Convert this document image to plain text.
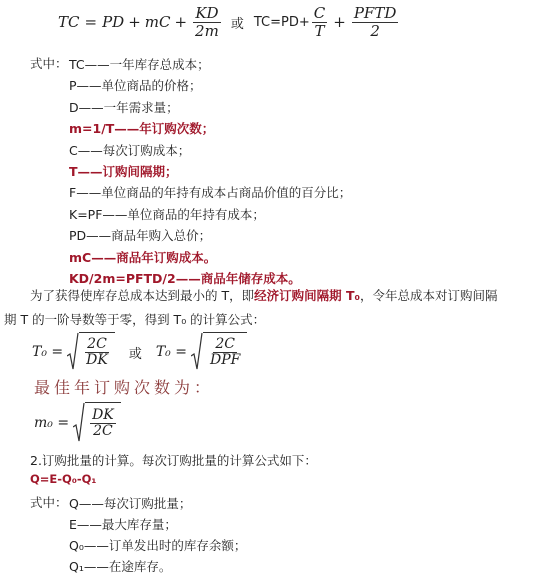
TC = PD + mC + $\frac{KD}{2m}$ 或 $TC=PD+ \frac{C}{T} + \frac{\text{PFTD}}{2}$
式中： TC——一年库存总成本；
P——单位商品的价格；
D——一年需求量；
m=1/T——年订购次数；
C——每次订购成本；
T——订购间隔期；
F——单位商品的年持有成本占商品价值的百分比；
K=PF——单位商品的年持有成本；
PD——商品年购入总价；
mC——商品年订购成本。
KD/2m=PFTD/2——商品年储存成本。
为了获得使库存总成本达到最小的 T，即经济订购间隔期 T₀，令年总成本对订购间隔
期 T 的一阶导数等于零，得到 T₀ 的计算公式：
$T_0 = \frac{2C}{DK}$ 或 $T_0 = \frac{2C}{\text{DPF}}$
最佳年订购次数为：
$m_0 = \frac{DK}{2C}$
2.订购批量的计算。每次订购批量的计算公式如下：
Q=E-Q₀-Q₁
式中： Q——每次订购批量；
E——最大库存量；
Q₀——订单发出时的库存余额；
Q₁——在途库存。
